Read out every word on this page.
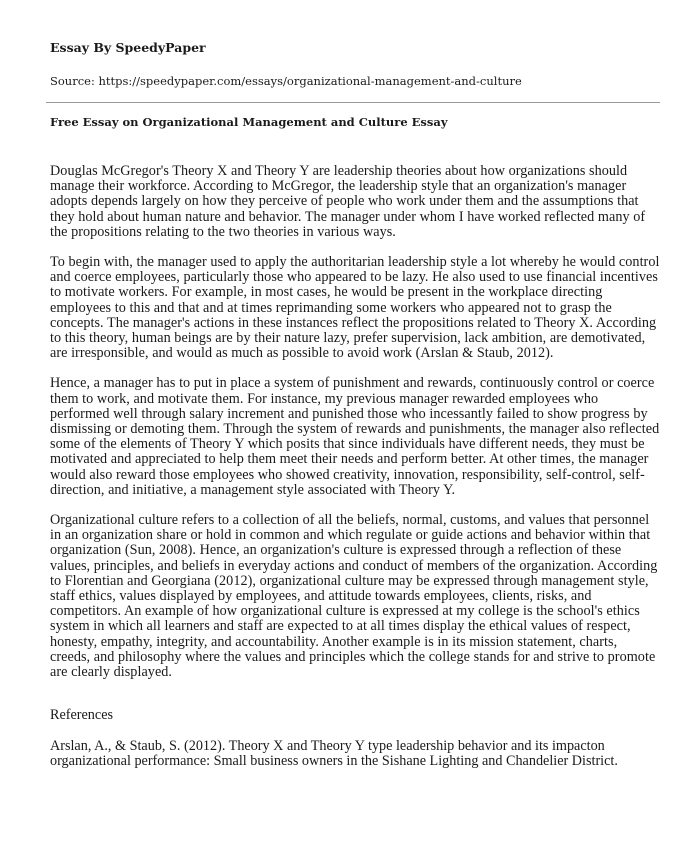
Essay By SpeedyPaper
Source: https://speedypaper.com/essays/organizational-management-and-culture
Free Essay on Organizational Management and Culture Essay

Douglas McGregor's Theory X and Theory Y are leadership theories about how organizations should manage their workforce. According to McGregor, the leadership style that an organization's manager adopts depends largely on how they perceive of people who work under them and the assumptions that they hold about human nature and behavior. The manager under whom I have worked reflected many of the propositions relating to the two theories in various ways.

To begin with, the manager used to apply the authoritarian leadership style a lot whereby he would control and coerce employees, particularly those who appeared to be lazy. He also used to use financial incentives to motivate workers. For example, in most cases, he would be present in the workplace directing employees to this and that and at times reprimanding some workers who appeared not to grasp the concepts. The manager's actions in these instances reflect the propositions related to Theory X. According to this theory, human beings are by their nature lazy, prefer supervision, lack ambition, are demotivated, are irresponsible, and would as much as possible to avoid work (Arslan & Staub, 2012).

Hence, a manager has to put in place a system of punishment and rewards, continuously control or coerce them to work, and motivate them. For instance, my previous manager rewarded employees who performed well through salary increment and punished those who incessantly failed to show progress by dismissing or demoting them. Through the system of rewards and punishments, the manager also reflected some of the elements of Theory Y which posits that since individuals have different needs, they must be motivated and appreciated to help them meet their needs and perform better. At other times, the manager would also reward those employees who showed creativity, innovation, responsibility, self-control, self-direction, and initiative, a management style associated with Theory Y.

Organizational culture refers to a collection of all the beliefs, normal, customs, and values that personnel in an organization share or hold in common and which regulate or guide actions and behavior within that organization (Sun, 2008). Hence, an organization's culture is expressed through a reflection of these values, principles, and beliefs in everyday actions and conduct of members of the organization. According to Florentian and Georgiana (2012), organizational culture may be expressed through management style, staff ethics, values displayed by employees, and attitude towards employees, clients, risks, and competitors. An example of how organizational culture is expressed at my college is the school's ethics system in which all learners and staff are expected to at all times display the ethical values of respect, honesty, empathy, integrity, and accountability. Another example is in its mission statement, charts, creeds, and philosophy where the values and principles which the college stands for and strive to promote are clearly displayed.

References

Arslan, A., & Staub, S. (2012). Theory X and Theory Y type leadership behavior and its impacton organizational performance: Small business owners in the Sishane Lighting and Chandelier District.
